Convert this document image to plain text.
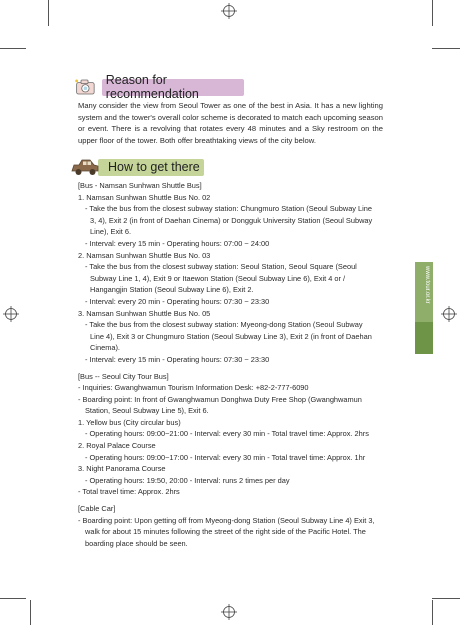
Reason for recommendation

Many consider the view from Seoul Tower as one of the best in Asia. It has a new lighting system and the tower's overall color scheme is decorated to match each upcoming season or event. There is a revolving that rotates every 48 minutes and a Sky restroom on the upper floor of the tower. Both offer breathtaking views of the city below.

How to get there
[Bus - Namsan Sunhwan Shuttle Bus]
1. Namsan Sunhwan Shuttle Bus No. 02
- Take the bus from the closest subway station: Chungmuro Station (Seoul Subway Line
3, 4), Exit 2 (in front of Daehan Cinema) or Dongguk University Station (Seoul Subway
Line), Exit 6.
- Interval: every 15 min - Operating hours: 07:00 ~ 24:00
2. Namsan Sunhwan Shuttle Bus No. 03
- Take the bus from the closest subway station: Seoul Station, Seoul Square (Seoul
Subway Line 1, 4), Exit 9 or Itaewon Station (Seoul Subway Line 6), Exit 4 or /
Hangangjin Station (Seoul Subway Line 6), Exit 2.
- Interval: every 20 min - Operating hours: 07:30 ~ 23:30
3. Namsan Sunhwan Shuttle Bus No. 05
- Take the bus from the closest subway station: Myeong-dong Station (Seoul Subway
Line 4), Exit 3 or Chungmuro Station (Seoul Subway Line 3), Exit 2 (in front of Daehan
Cinema).
- Interval: every 15 min - Operating hours: 07:30 ~ 23:30
[Bus -- Seoul City Tour Bus]
- Inquiries: Gwanghwamun Tourism Information Desk: +82-2-777-6090
- Boarding point: In front of Gwanghwamun Donghwa Duty Free Shop (Gwanghwamun
Station, Seoul Subway Line 5), Exit 6.
1. Yellow bus (City circular bus)
- Operating hours: 09:00~21:00 - Interval: every 30 min - Total travel time: Approx. 2hrs
2. Royal Palace Course
- Operating hours: 09:00~17:00 - Interval: every 30 min - Total travel time: Approx. 1hr
3. Night Panorama Course
- Operating hours: 19:50, 20:00 - Interval: runs 2 times per day
- Total travel time: Approx. 2hrs
[Cable Car]
- Boarding point: Upon getting off from Myeong-dong Station (Seoul Subway Line 4) Exit 3,
walk for about 15 minutes following the street of the right side of the Pacific Hotel. The
boarding place should be seen.
www.tour.or.kr
35 | 35
